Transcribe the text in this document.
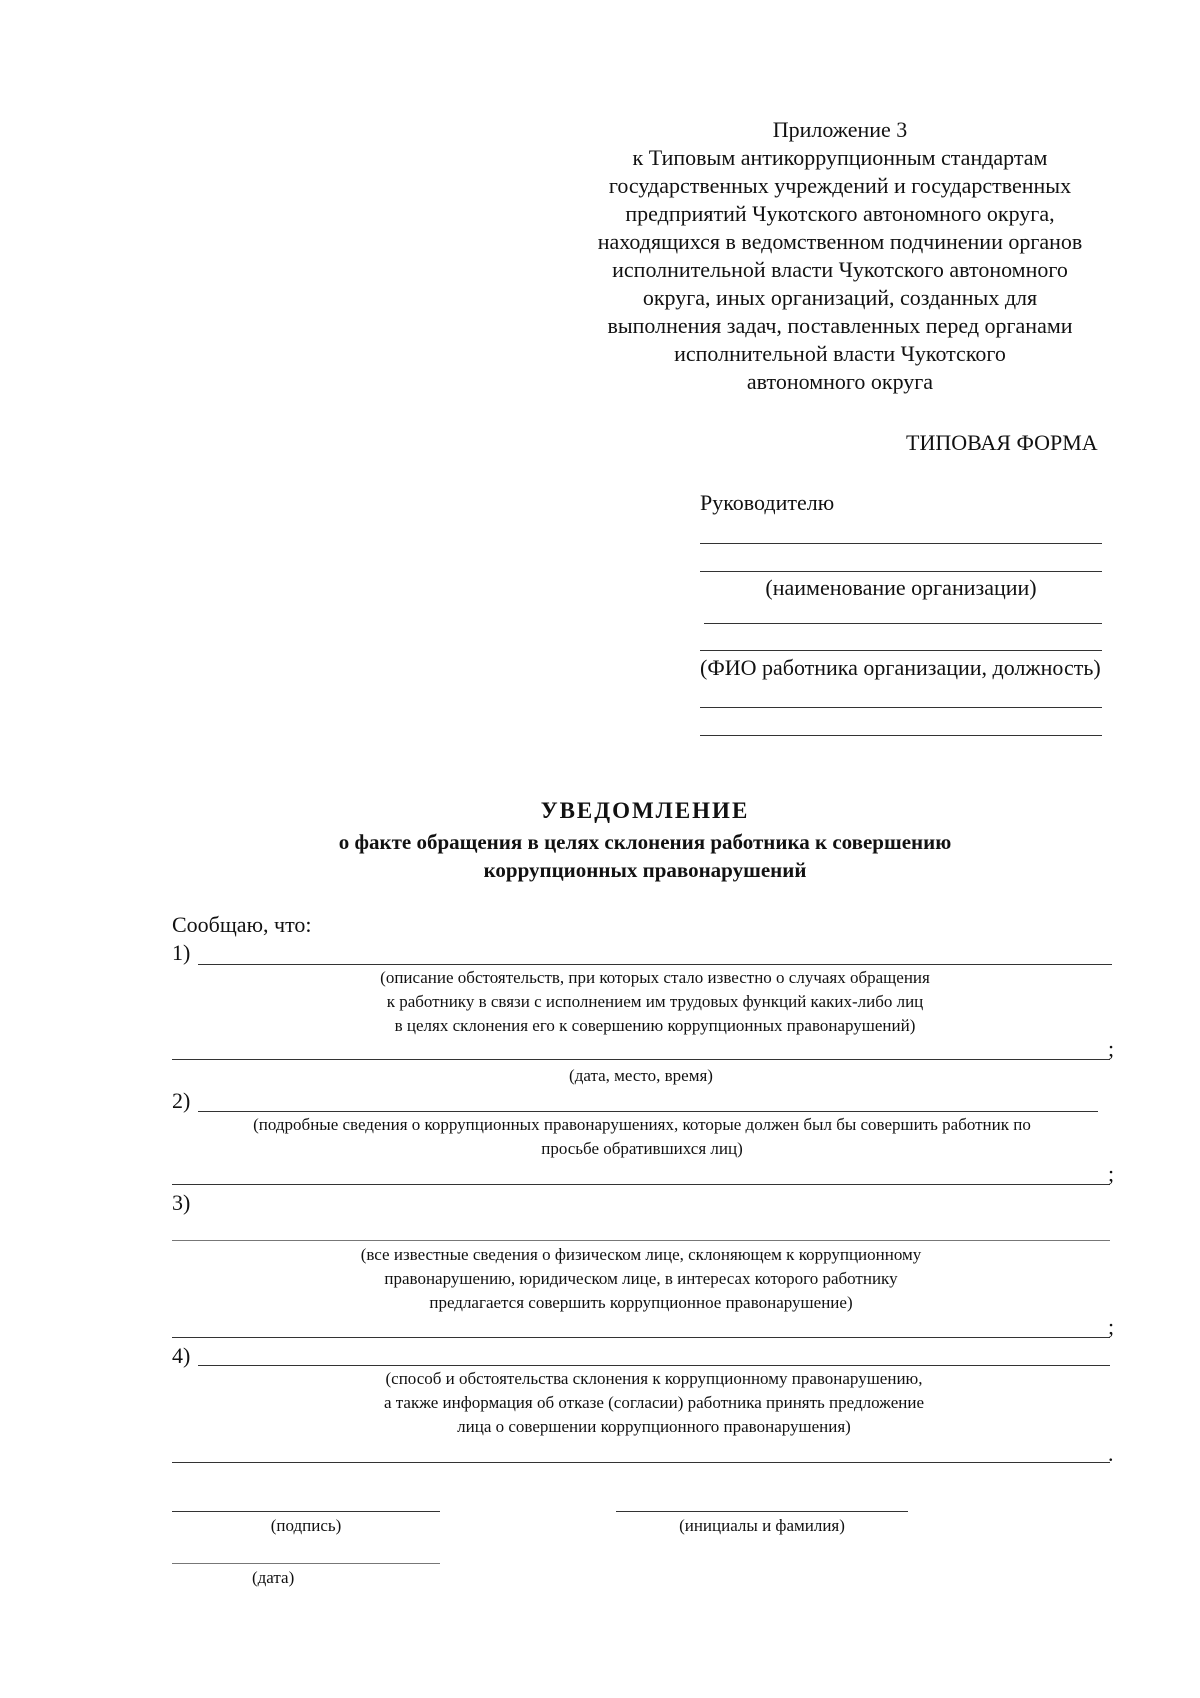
Приложение 3
к Типовым антикоррупционным стандартам
государственных учреждений и государственных
предприятий Чукотского автономного округа,
находящихся в ведомственном подчинении органов
исполнительной власти Чукотского автономного
округа, иных организаций, созданных для
выполнения задач, поставленных перед органами
исполнительной власти Чукотского
автономного округа
ТИПОВАЯ ФОРМА
Руководителю
(наименование организации)
(ФИО работника организации, должность)
УВЕДОМЛЕНИЕ
о факте обращения в целях склонения работника к совершению
коррупционных правонарушений
Сообщаю, что:
1)
(описание обстоятельств, при которых стало известно о случаях обращения
к работнику в связи с исполнением им трудовых функций каких-либо лиц
в целях склонения его к совершению коррупционных правонарушений)
;
(дата, место, время)
2)
(подробные сведения о коррупционных правонарушениях, которые должен был бы совершить работник по
просьбе обратившихся лиц)
;
3)
(все известные сведения о физическом лице, склоняющем к коррупционному
правонарушению, юридическом лице, в интересах которого работнику
предлагается совершить коррупционное правонарушение)
;
4)
(способ и обстоятельства склонения к коррупционному правонарушению,
а также информация об отказе (согласии) работника принять предложение
лица о совершении коррупционного правонарушения)
.
(подпись)	(инициалы и фамилия)
(дата)
